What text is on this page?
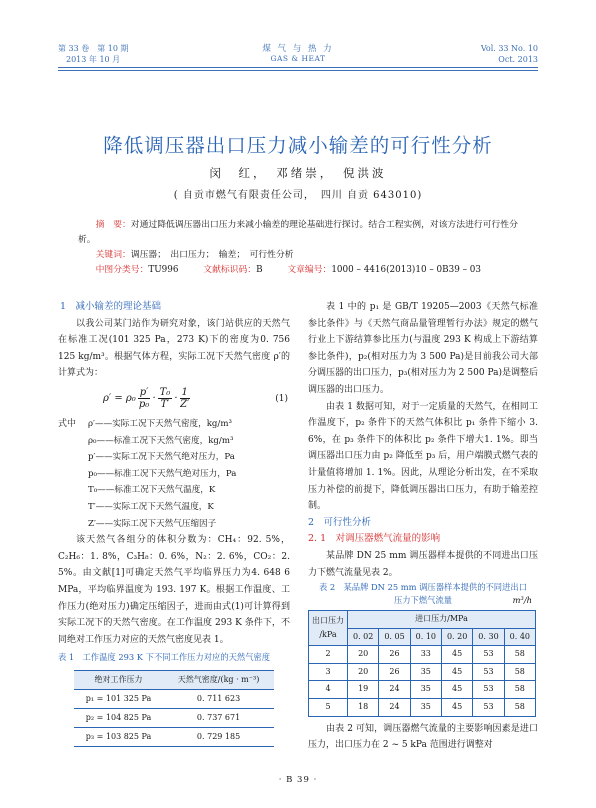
第 33 卷　第 10 期
2013 年 10 月
煤 气 与 热 力
GAS & HEAT
Vol. 33 No. 10
Oct. 2013
降低调压器出口压力减小输差的可行性分析
闵　红，　邓绪崇，　倪洪波
( 自贡市燃气有限责任公司，　四川 自贡 643010)
摘　要：对通过降低调压器出口压力来减小输差的理论基础进行探讨。结合工程实例，对该方法进行可行性分析。
关键词：调压器；　出口压力；　输差；　可行性分析
中图分类号：TU996	文献标识码：B	文章编号：1000 – 4416(2013)10 – 0B39 – 03

1　减小输差的理论基础

以我公司某门站作为研究对象，该门站供应的天然气在标准工况(101 325 Pa，273 K)下的密度为0. 756 125 kg/m³。根据气体方程，实际工况下天然气密度 ρ′的计算式为：

$\rho' = \rho_0 \frac{p'}{\text{p₀}} \cdot \frac{\text{T₀}}{T'} \cdot \frac{1}{Z'}$	(1)
式中	ρ′——实际工况下天然气密度，kg/m³
ρ₀——标准工况下天然气密度，kg/m³
p′——实际工况下天然气绝对压力，Pa
p₀——标准工况下天然气绝对压力，Pa
T₀——标准工况下天然气温度，K
T′——实际工况下天然气温度，K
Z′——实际工况下天然气压缩因子

该天然气各组分的体积分数为：CH₄：92. 5%，C₂H₆：1. 8%，C₃H₈：0. 6%，N₂：2. 6%，CO₂：2. 5%。由文献[1]可确定天然气平均临界压力为4. 648 6 MPa，平均临界温度为 193. 197 K。根据工作温度、工作压力(绝对压力)确定压缩因子，进而由式(1)可计算得到实际工况下的天然气密度。在工作温度 293 K 条件下，不同绝对工作压力对应的天然气密度见表 1。

表 1　工作温度 293 K 下不同工作压力对应的天然气密度
绝对工作压力	天然气密度/(kg · m⁻³)
p₁ = 101 325 Pa	0. 711 623
p₂ = 104 825 Pa	0. 737 671
p₃ = 103 825 Pa	0. 729 185

表 1 中的 p₁ 是 GB/T 19205—2003《天然气标准参比条件》与《天然气商品量管理暂行办法》规定的燃气行业上下游结算参比压力(与温度 293 K 构成上下游结算参比条件)，p₂(相对压力为 3 500 Pa)是目前我公司大部分调压器的出口压力，p₃(相对压力为 2 500 Pa)是调整后调压器的出口压力。

由表 1 数据可知，对于一定质量的天然气，在相同工作温度下，p₂ 条件下的天然气体积比 p₁ 条件下缩小 3. 6%，在 p₃ 条件下的体积比 p₂ 条件下增大1. 1%。即当调压器出口压力由 p₂ 降低至 p₃ 后，用户端膜式燃气表的计量值将增加 1. 1%。因此，从理论分析出发，在不采取压力补偿的前提下，降低调压器出口压力，有助于输差控制。

2　可行性分析

2. 1　对调压器燃气流量的影响

某品牌 DN 25 mm 调压器样本提供的不同进出口压力下燃气流量见表 2。

表 2　某品牌 DN 25 mm 调压器样本提供的不同进出口
压力下燃气流量	m³/h
出口压力
/kPa	进口压力/MPa					
	0. 02	0. 05	0. 10	0. 20	0. 30	0. 40
2	20	26	33	45	53	58
3	20	26	35	45	53	58
4	19	24	35	45	53	58
5	18	24	35	45	53	58

由表 2 可知，调压器燃气流量的主要影响因素是进口压力，出口压力在 2 ~ 5 kPa 范围进行调整对

· B 39 ·
